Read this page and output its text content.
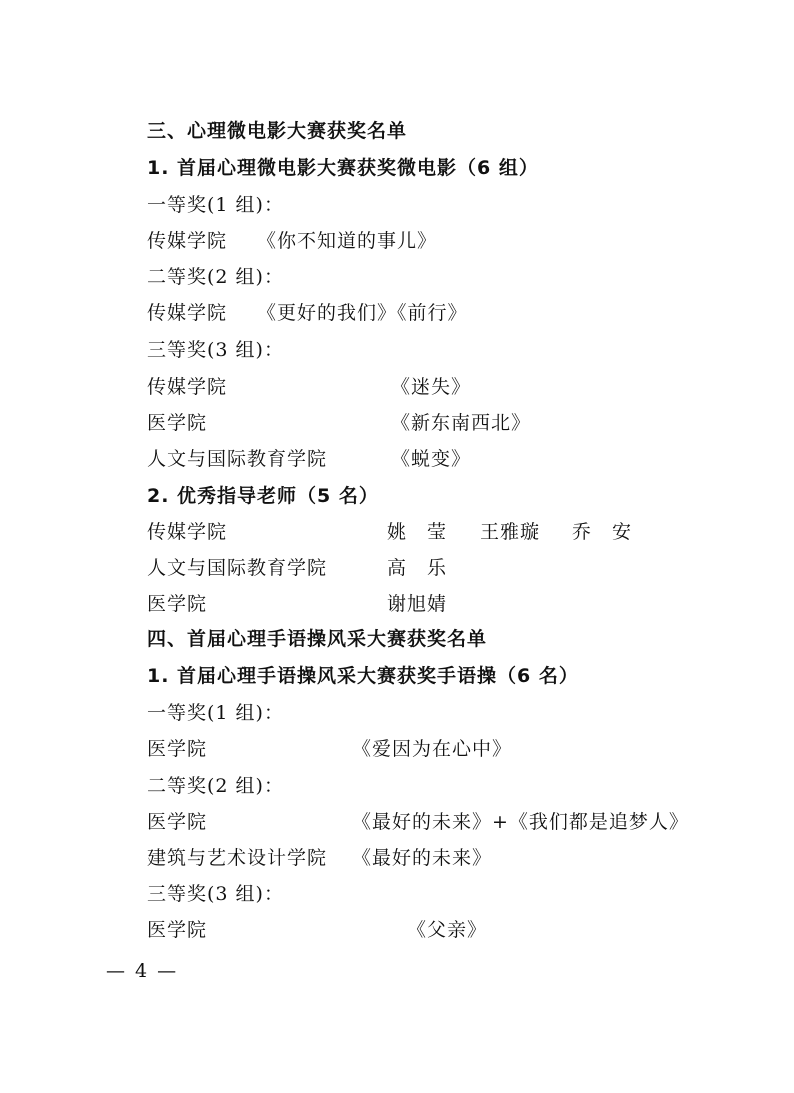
三、心理微电影大赛获奖名单
1. 首届心理微电影大赛获奖微电影（6 组）
一等奖(1 组)：
传媒学院 《你不知道的事儿》
二等奖(2 组)：
传媒学院 《更好的我们》《前行》
三等奖(3 组)：
传媒学院	《迷失》
医学院	《新东南西北》
人文与国际教育学院	《蜕变》
2. 优秀指导老师（5 名）
传媒学院	姚　莹 王雅璇 乔　安
人文与国际教育学院	高　乐
医学院	谢旭婧
四、首届心理手语操风采大赛获奖名单
1. 首届心理手语操风采大赛获奖手语操（6 名）
一等奖(1 组)：
医学院	《爱因为在心中》
二等奖(2 组)：
医学院	《最好的未来》+《我们都是追梦人》
建筑与艺术设计学院 《最好的未来》
三等奖(3 组)：
医学院	《父亲》
— 4 —
